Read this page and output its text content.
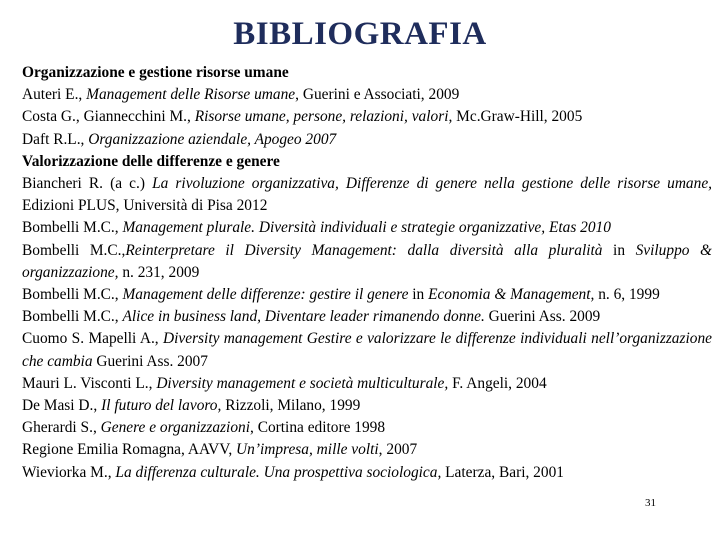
BIBLIOGRAFIA

Organizzazione e gestione risorse umane

Auteri E., Management delle Risorse umane, Guerini e Associati, 2009

Costa G., Giannecchini M., Risorse umane, persone, relazioni, valori, Mc.Graw-Hill, 2005

Daft R.L., Organizzazione aziendale, Apogeo 2007

Valorizzazione delle differenze e genere

Biancheri R. (a c.) La rivoluzione organizzativa, Differenze di genere nella gestione delle risorse umane, Edizioni PLUS, Università di Pisa 2012

Bombelli M.C., Management plurale. Diversità individuali e strategie organizzative, Etas 2010

Bombelli M.C.,Reinterpretare il Diversity Management: dalla diversità alla pluralità in Sviluppo & organizzazione, n. 231, 2009

Bombelli M.C., Management delle differenze: gestire il genere in Economia & Management, n. 6, 1999

Bombelli M.C., Alice in business land, Diventare leader rimanendo donne. Guerini Ass. 2009

Cuomo S. Mapelli A., Diversity management Gestire e valorizzare le differenze individuali nell’organizzazione che cambia Guerini Ass. 2007

Mauri L. Visconti L., Diversity management e società multiculturale, F. Angeli, 2004

De Masi D., Il futuro del lavoro, Rizzoli, Milano, 1999

Gherardi S., Genere e organizzazioni, Cortina editore 1998

Regione Emilia Romagna, AAVV, Un’impresa, mille volti, 2007

Wieviorka M., La differenza culturale. Una prospettiva sociologica, Laterza, Bari, 2001

31
